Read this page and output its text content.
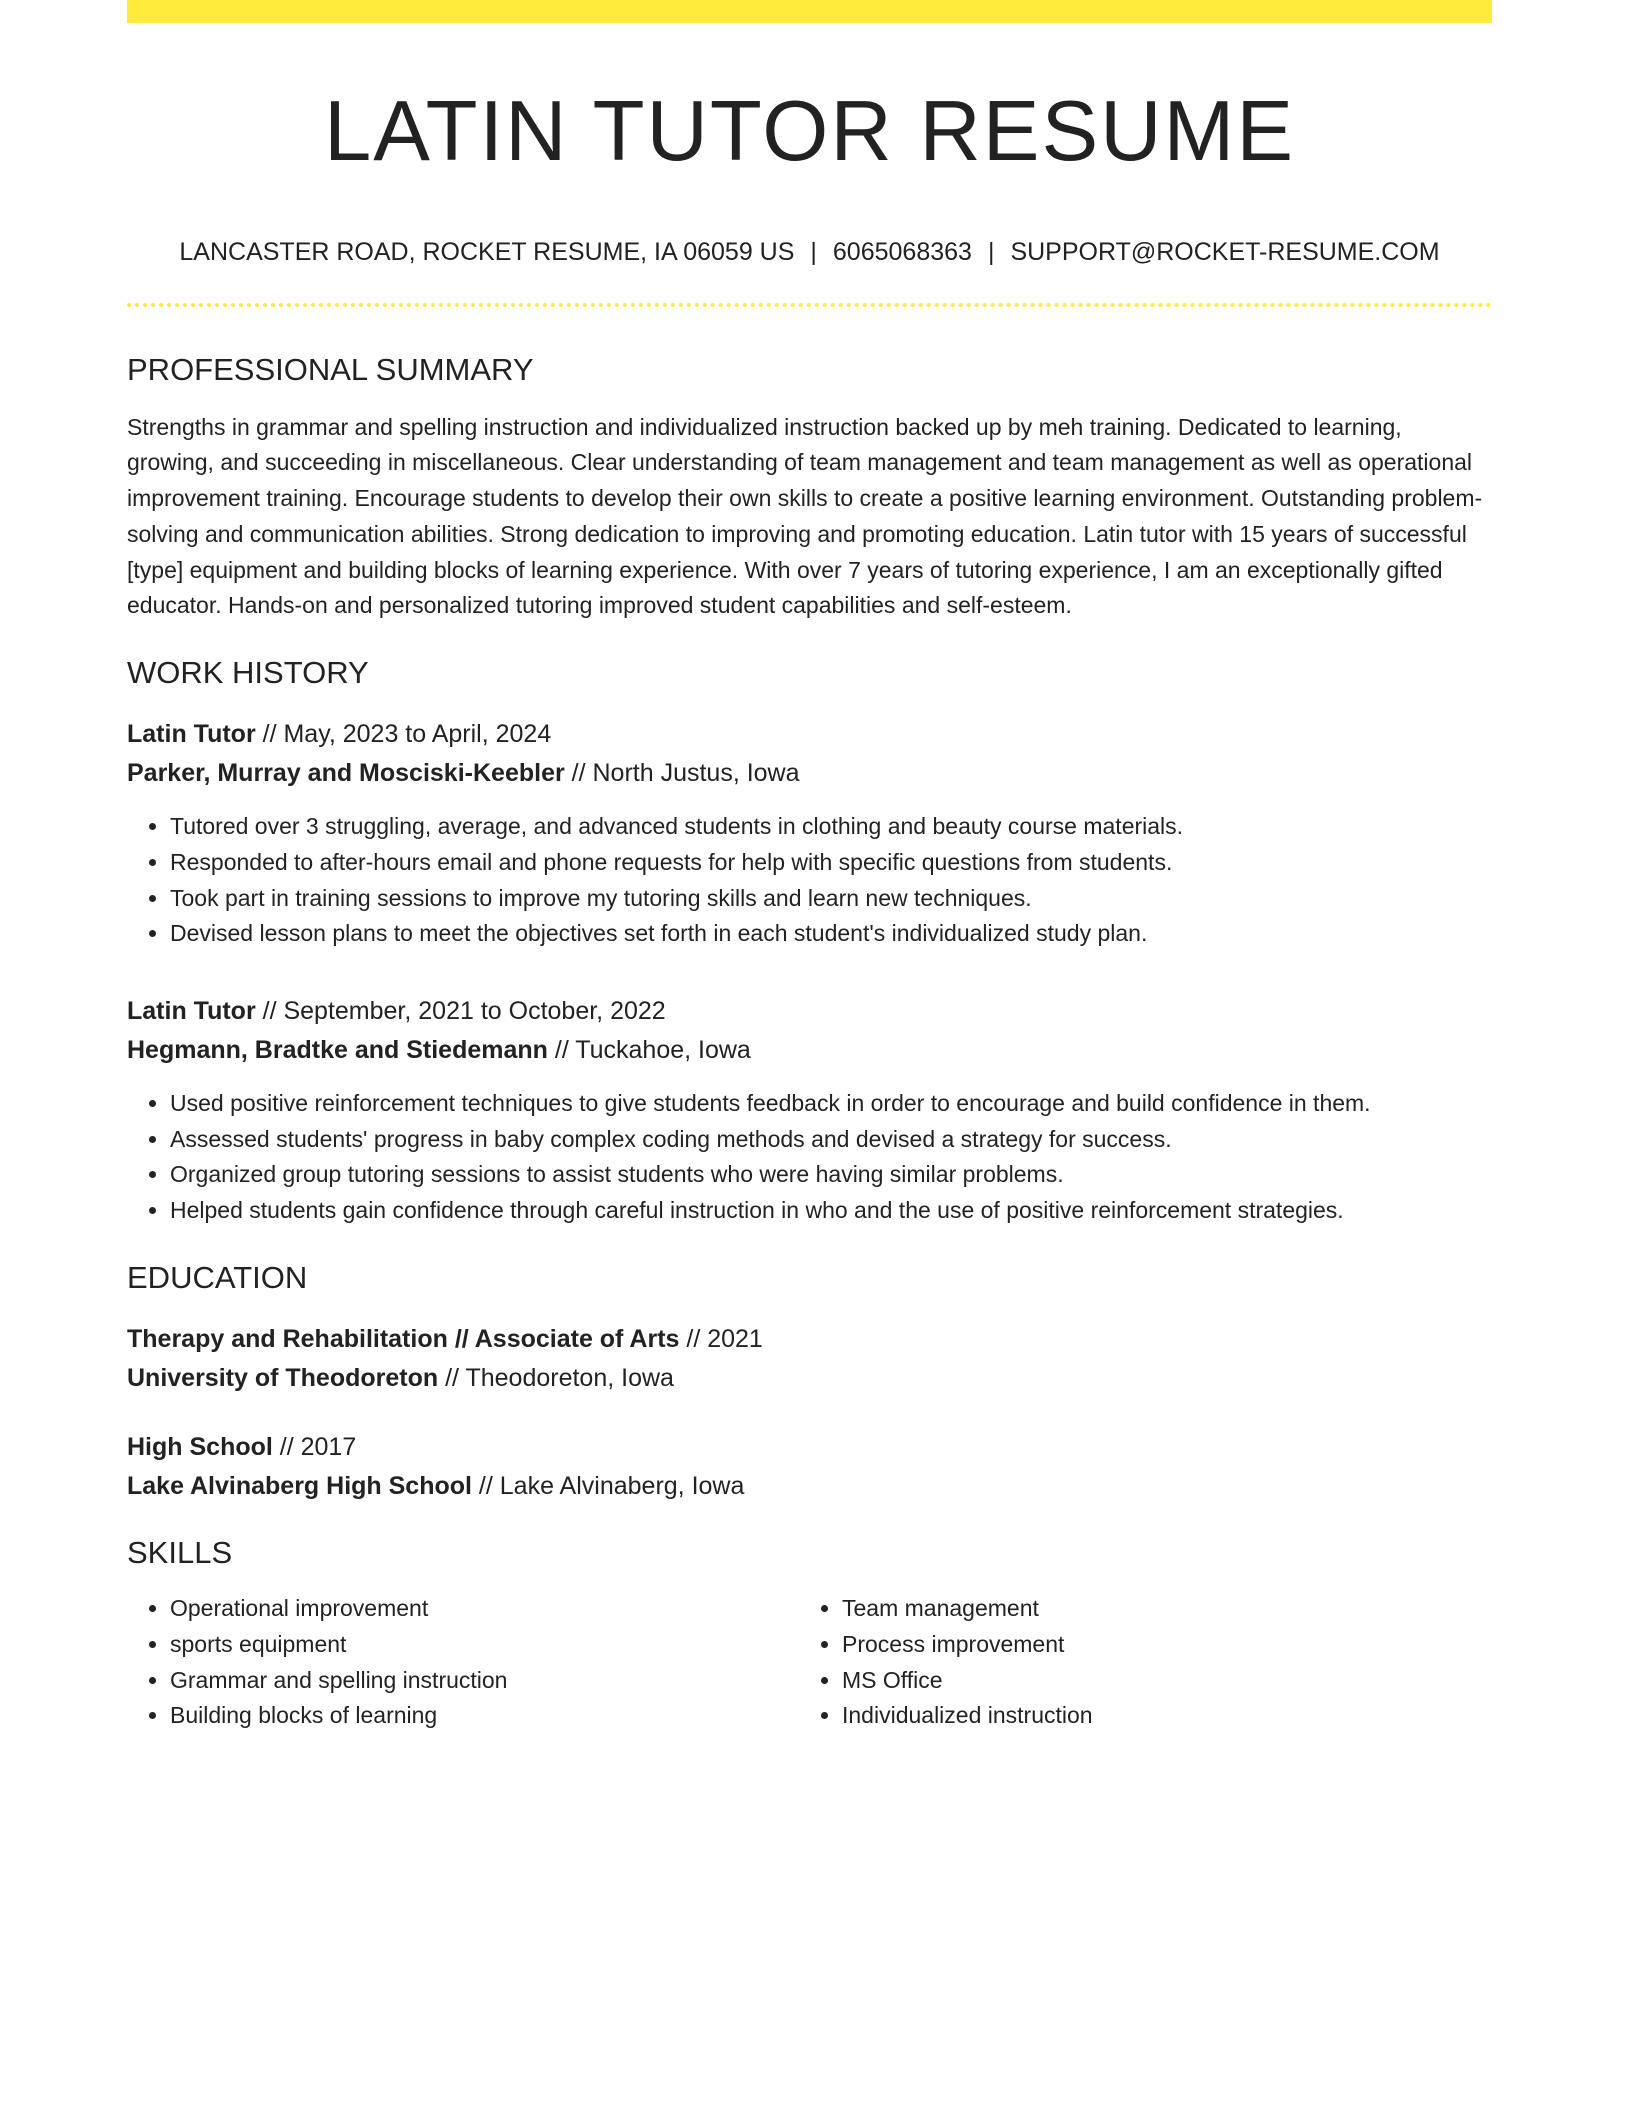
LATIN TUTOR RESUME
LANCASTER ROAD, ROCKET RESUME, IA 06059 US | 6065068363 | SUPPORT@ROCKET-RESUME.COM
PROFESSIONAL SUMMARY

Strengths in grammar and spelling instruction and individualized instruction backed up by meh training. Dedicated to learning, growing, and succeeding in miscellaneous. Clear understanding of team management and team management as well as operational improvement training. Encourage students to develop their own skills to create a positive learning environment. Outstanding problem-solving and communication abilities. Strong dedication to improving and promoting education. Latin tutor with 15 years of successful [type] equipment and building blocks of learning experience. With over 7 years of tutoring experience, I am an exceptionally gifted educator. Hands-on and personalized tutoring improved student capabilities and self-esteem.

WORK HISTORY
Latin Tutor // May, 2023 to April, 2024
Parker, Murray and Mosciski-Keebler // North Justus, Iowa
• Tutored over 3 struggling, average, and advanced students in clothing and beauty course materials.
• Responded to after-hours email and phone requests for help with specific questions from students.
• Took part in training sessions to improve my tutoring skills and learn new techniques.
• Devised lesson plans to meet the objectives set forth in each student's individualized study plan.
Latin Tutor // September, 2021 to October, 2022
Hegmann, Bradtke and Stiedemann // Tuckahoe, Iowa
• Used positive reinforcement techniques to give students feedback in order to encourage and build confidence in them.
• Assessed students' progress in baby complex coding methods and devised a strategy for success.
• Organized group tutoring sessions to assist students who were having similar problems.
• Helped students gain confidence through careful instruction in who and the use of positive reinforcement strategies.
EDUCATION
Therapy and Rehabilitation // Associate of Arts // 2021
University of Theodoreton // Theodoreton, Iowa
High School // 2017
Lake Alvinaberg High School // Lake Alvinaberg, Iowa
SKILLS
• Operational improvement
• sports equipment
• Grammar and spelling instruction
• Building blocks of learning
• Team management
• Process improvement
• MS Office
• Individualized instruction
